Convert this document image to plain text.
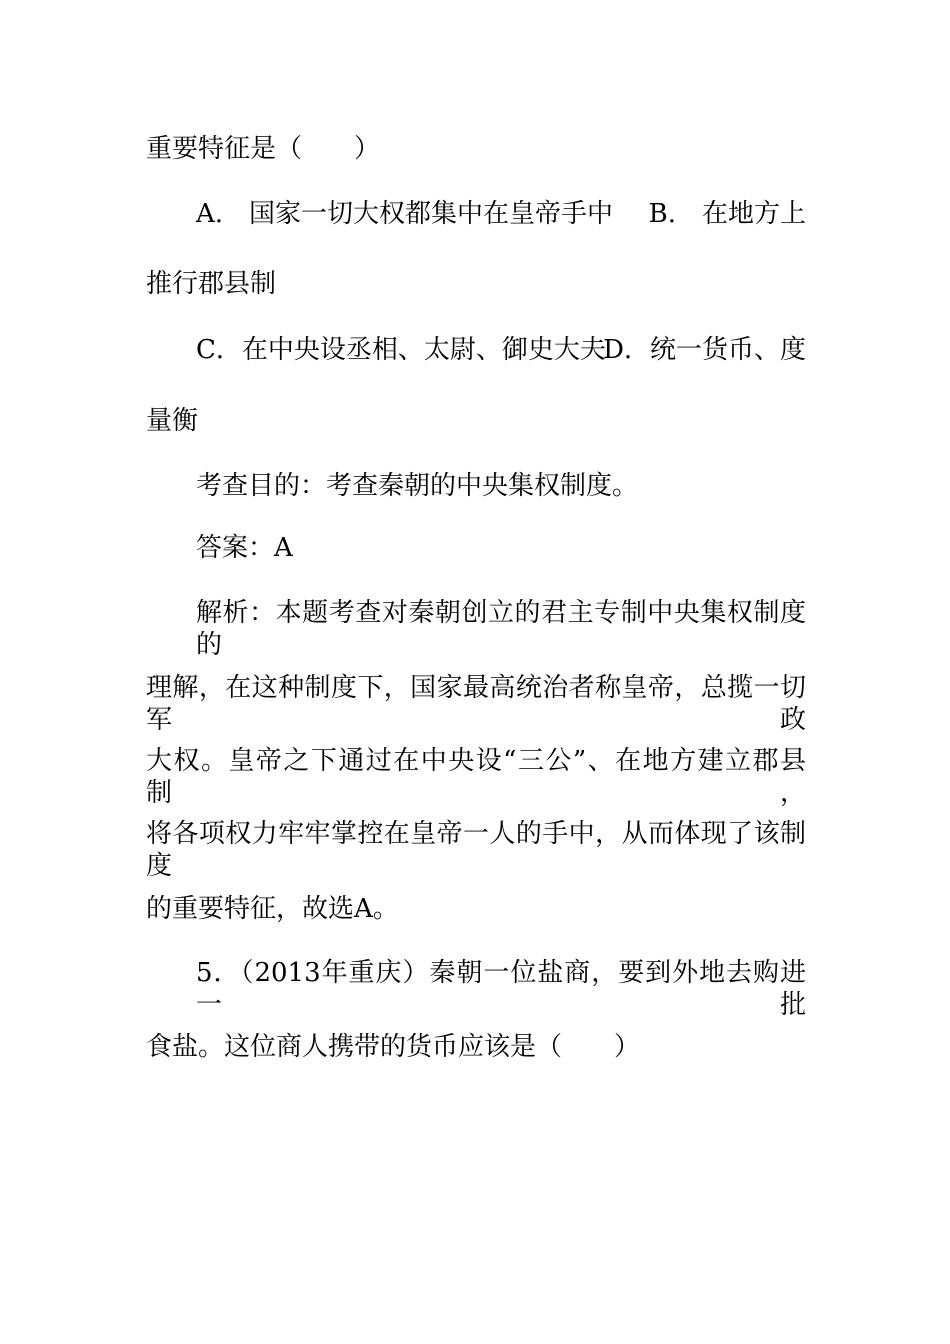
重要特征是（　　）
A.　国家一切大权都集中在皇帝手中 B.　在地方上
推行郡县制
C．在中央设丞相、太尉、御史大夫
D．统一货币、度
量衡
考查目的：考查秦朝的中央集权制度。
答案：A
解析：本题考查对秦朝创立的君主专制中央集权制度的
理解，在这种制度下，国家最高统治者称皇帝，总揽一切军政
大权。皇帝之下通过在中央设“三公”、在地方建立郡县制，
将各项权力牢牢掌控在皇帝一人的手中，从而体现了该制度
的重要特征，故选A。
5．（2013年重庆）秦朝一位盐商，要到外地去购进一批
食盐。这位商人携带的货币应该是（　　）
